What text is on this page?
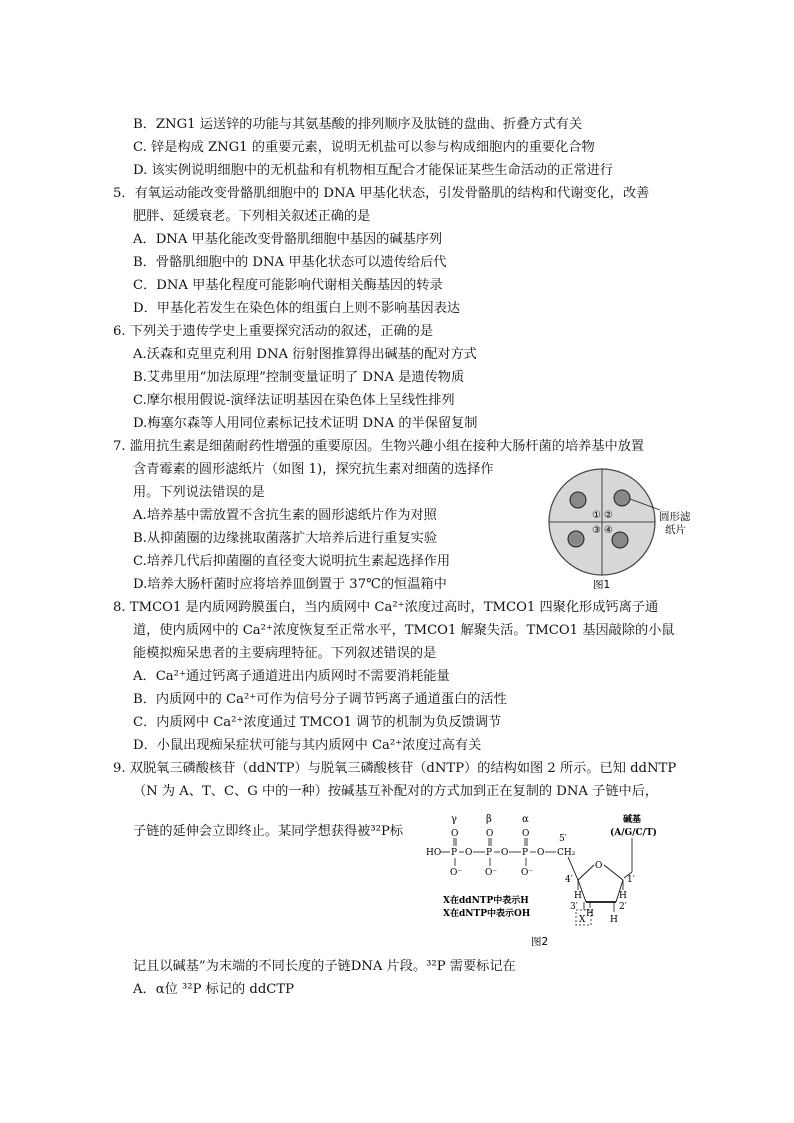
B．ZNG1 运送锌的功能与其氨基酸的排列顺序及肽链的盘曲、折叠方式有关
C. 锌是构成 ZNG1 的重要元素，说明无机盐可以参与构成细胞内的重要化合物
D. 该实例说明细胞中的无机盐和有机物相互配合才能保证某些生命活动的正常进行
5．有氧运动能改变骨骼肌细胞中的 DNA 甲基化状态，引发骨骼肌的结构和代谢变化，改善
肥胖、延缓衰老。下列相关叙述正确的是
A．DNA 甲基化能改变骨骼肌细胞中基因的碱基序列
B．骨骼肌细胞中的 DNA 甲基化状态可以遗传给后代
C．DNA 甲基化程度可能影响代谢相关酶基因的转录
D．甲基化若发生在染色体的组蛋白上则不影响基因表达
6. 下列关于遗传学史上重要探究活动的叙述，正确的是
A.沃森和克里克利用 DNA 衍射图推算得出碱基的配对方式
B.艾弗里用“加法原理”控制变量证明了 DNA 是遗传物质
C.摩尔根用假说-演绎法证明基因在染色体上呈线性排列
D.梅塞尔森等人用同位素标记技术证明 DNA 的半保留复制
7. 滥用抗生素是细菌耐药性增强的重要原因。生物兴趣小组在接种大肠杆菌的培养基中放置
含青霉素的圆形滤纸片（如图 1)，探究抗生素对细菌的选择作
用。下列说法错误的是
A.培养基中需放置不含抗生素的圆形滤纸片作为对照
B.从抑菌圈的边缘挑取菌落扩大培养后进行重复实验
C.培养几代后抑菌圈的直径变大说明抗生素起选择作用
D.培养大肠杆菌时应将培养皿倒置于 37℃的恒温箱中
8. TMCO1 是内质网跨膜蛋白，当内质网中 Ca²⁺浓度过高时，TMCO1 四聚化形成钙离子通
道，使内质网中的 Ca²⁺浓度恢复至正常水平，TMCO1 解聚失活。TMCO1 基因敲除的小鼠
能模拟痴呆患者的主要病理特征。下列叙述错误的是
A．Ca²⁺通过钙离子通道进出内质网时不需要消耗能量
B．内质网中的 Ca²⁺可作为信号分子调节钙离子通道蛋白的活性
C．内质网中 Ca²⁺浓度通过 TMCO1 调节的机制为负反馈调节
D．小鼠出现痴呆症状可能与其内质网中 Ca²⁺浓度过高有关
9. 双脱氧三磷酸核苷（ddNTP）与脱氧三磷酸核苷（dNTP）的结构如图 2 所示。已知 ddNTP
（N 为 A、T、C、G 中的一种）按碱基互补配对的方式加到正在复制的 DNA 子链中后，
子链的延伸会立即终止。某同学想获得被³²P标
记且以碱基”为末端的不同长度的子链DNA 片段。³²P 需要标记在
A．α位 ³²P 标记的 ddCTP
① ②
③ ④
圆形滤
纸片
图1
γ	β	α
O	O	O
HO P O P O P O CH₂
5′
O⁻	O⁻	O⁻
O
4′	1′
3′	2′
H	H
H
H
X
碱基
(A/G/C/T)
X在ddNTP中表示H
X在dNTP中表示OH
图2
